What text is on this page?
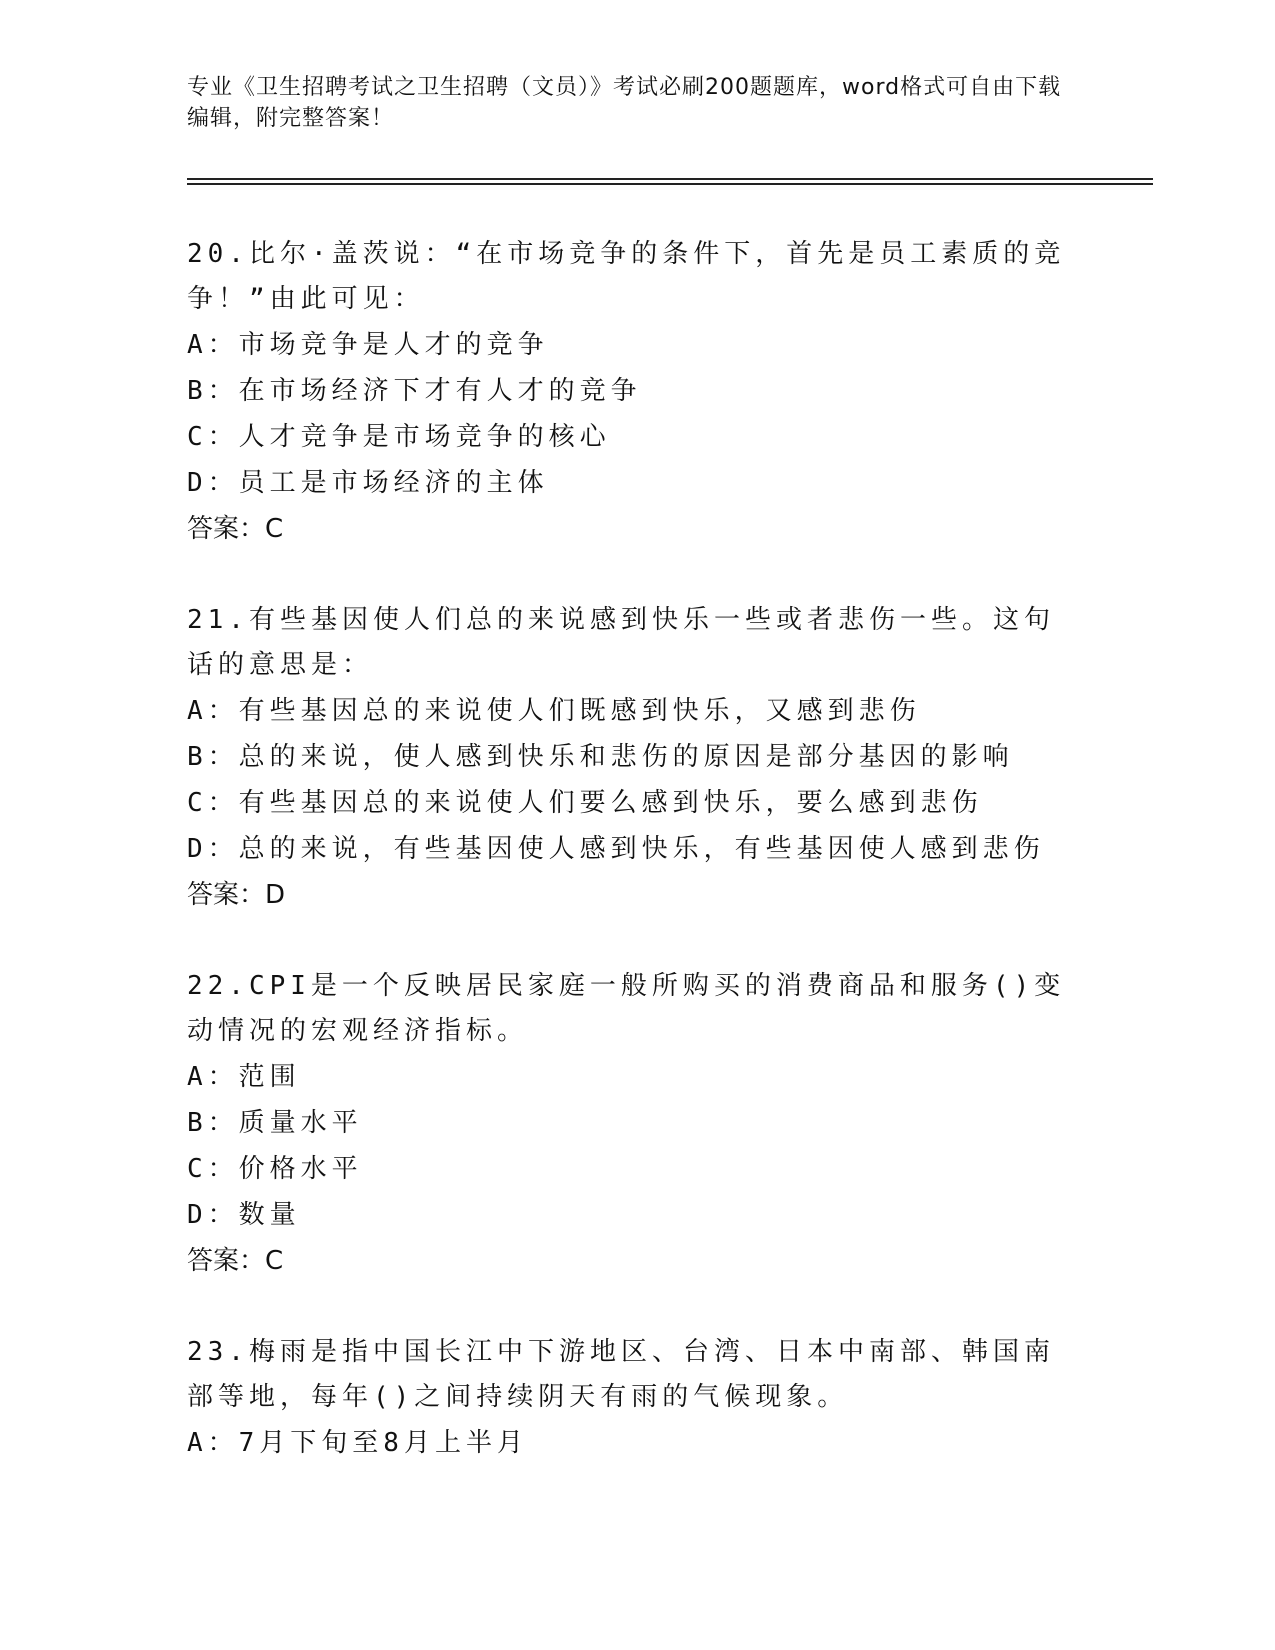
专业《卫生招聘考试之卫生招聘（文员）》考试必刷200题题库，word格式可自由下载编辑，附完整答案！
20.比尔·盖茨说：“在市场竞争的条件下，首先是员工素质的竞争！”由此可见：
A：市场竞争是人才的竞争
B：在市场经济下才有人才的竞争
C：人才竞争是市场竞争的核心
D：员工是市场经济的主体
答案：C
21.有些基因使人们总的来说感到快乐一些或者悲伤一些。这句话的意思是：
A：有些基因总的来说使人们既感到快乐，又感到悲伤
B：总的来说，使人感到快乐和悲伤的原因是部分基因的影响
C：有些基因总的来说使人们要么感到快乐，要么感到悲伤
D：总的来说，有些基因使人感到快乐，有些基因使人感到悲伤
答案：D
22.CPI是一个反映居民家庭一般所购买的消费商品和服务()变动情况的宏观经济指标。
A：范围
B：质量水平
C：价格水平
D：数量
答案：C
23.梅雨是指中国长江中下游地区、台湾、日本中南部、韩国南部等地，每年()之间持续阴天有雨的气候现象。
A：7月下旬至8月上半月
